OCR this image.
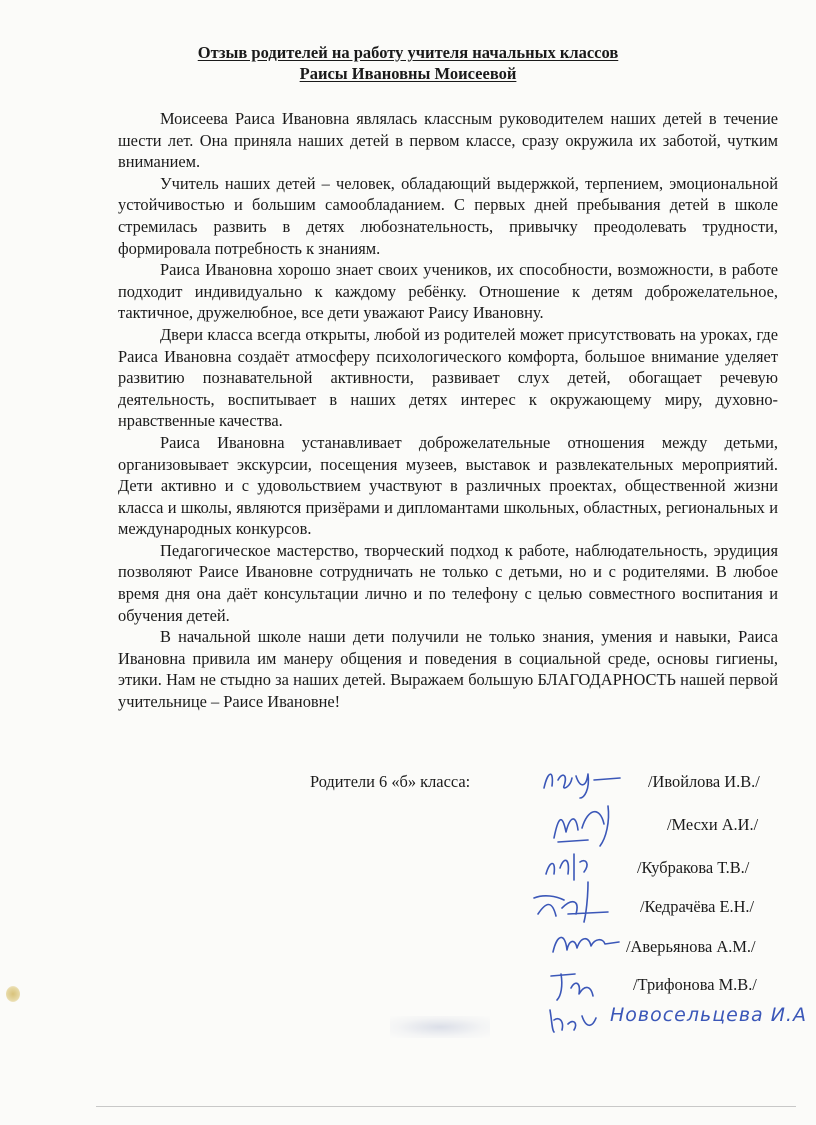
Отзыв родителей на работу учителя начальных классов
Раисы Ивановны Моисеевой

Моисеева Раиса Ивановна являлась классным руководителем наших детей в течение шести лет. Она приняла наших детей в первом классе, сразу окружила их заботой, чутким вниманием.

Учитель наших детей – человек, обладающий выдержкой, терпением, эмоциональной устойчивостью и большим самообладанием. С первых дней пребывания детей в школе стремилась развить в детях любознательность, привычку преодолевать трудности, формировала потребность к знаниям.

Раиса Ивановна хорошо знает своих учеников, их способности, возможности, в работе подходит индивидуально к каждому ребёнку. Отношение к детям доброжелательное, тактичное, дружелюбное, все дети уважают Раису Ивановну.

Двери класса всегда открыты, любой из родителей может присутствовать на уроках, где Раиса Ивановна создаёт атмосферу психологического комфорта, большое внимание уделяет развитию познавательной активности, развивает слух детей, обогащает речевую деятельность, воспитывает в наших детях интерес к окружающему миру, духовно-нравственные качества.

Раиса Ивановна устанавливает доброжелательные отношения между детьми, организовывает экскурсии, посещения музеев, выставок и развлекательных мероприятий. Дети активно и с удовольствием участвуют в различных проектах, общественной жизни класса и школы, являются призёрами и дипломантами школьных, областных, региональных и международных конкурсов.

Педагогическое мастерство, творческий подход к работе, наблюдательность, эрудиция позволяют Раисе Ивановне сотрудничать не только с детьми, но и с родителями. В любое время дня она даёт консультации лично и по телефону с целью совместного воспитания и обучения детей.

В начальной школе наши дети получили не только знания, умения и навыки, Раиса Ивановна привила им манеру общения и поведения в социальной среде, основы гигиены, этики. Нам не стыдно за наших детей. Выражаем большую БЛАГОДАРНОСТЬ нашей первой учительнице – Раисе Ивановне!

Родители 6 «б» класса:	/Ивойлова И.В./
/Месхи А.И./
/Кубракова Т.В./
/Кедрачёва Е.Н./
/Аверьянова А.М./
/Трифонова М.В./
Новосельцева И.А
